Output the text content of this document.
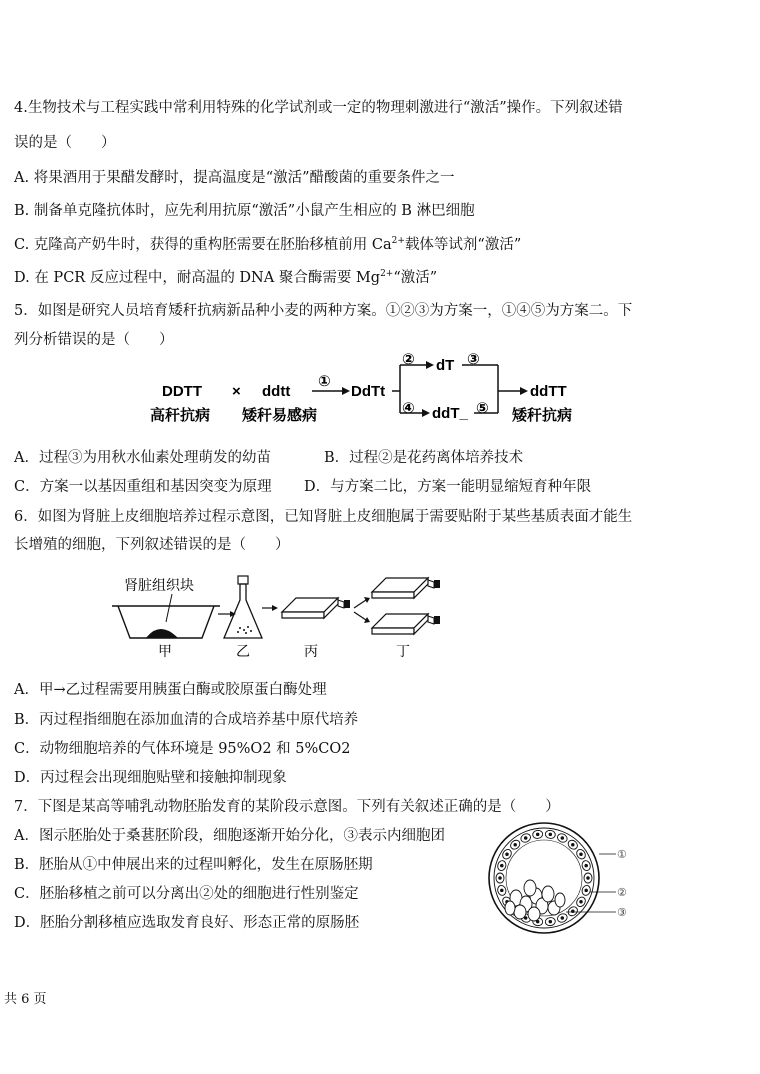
4.生物技术与工程实践中常利用特殊的化学试剂或一定的物理刺激进行“激活”操作。下列叙述错
误的是（　　）
A. 将果酒用于果醋发酵时，提高温度是“激活”醋酸菌的重要条件之一
B. 制备单克隆抗体时，应先利用抗原“激活”小鼠产生相应的 B 淋巴细胞
C. 克隆高产奶牛时，获得的重构胚需要在胚胎移植前用 $Ca^{2+}$载体等试剂“激活”
D. 在 PCR 反应过程中，耐高温的 DNA 聚合酶需要 $Mg^{2+}“$激活”
5．如图是研究人员培育矮秆抗病新品种小麦的两种方案。①②③为方案一，①④⑤为方案二。下
列分析错误的是（　　）
DDTT
高秆抗病
× ddtt
矮秆易感病
①
DdTt
② dT ③
④ ddT_ ⑤
ddTT
矮秆抗病
A．过程③为用秋水仙素处理萌发的幼苗	B．过程②是花药离体培养技术
C．方案一以基因重组和基因突变为原理 D．与方案二比，方案一能明显缩短育种年限
6．如图为肾脏上皮细胞培养过程示意图，已知肾脏上皮细胞属于需要贴附于某些基质表面才能生
长增殖的细胞，下列叙述错误的是（　　）
肾脏组织块
甲	乙	丙	丁
A．甲→乙过程需要用胰蛋白酶或胶原蛋白酶处理
B．丙过程指细胞在添加血清的合成培养基中原代培养
C．动物细胞培养的气体环境是 95%O2 和 5%CO2
D．丙过程会出现细胞贴壁和接触抑制现象
7．下图是某高等哺乳动物胚胎发育的某阶段示意图。下列有关叙述正确的是（　　）
A．图示胚胎处于桑葚胚阶段，细胞逐渐开始分化，③表示内细胞团
B．胚胎从①中伸展出来的过程叫孵化，发生在原肠胚期
C．胚胎移植之前可以分离出②处的细胞进行性别鉴定
D．胚胎分割移植应选取发育良好、形态正常的原肠胚
①
②
③
共 6 页
